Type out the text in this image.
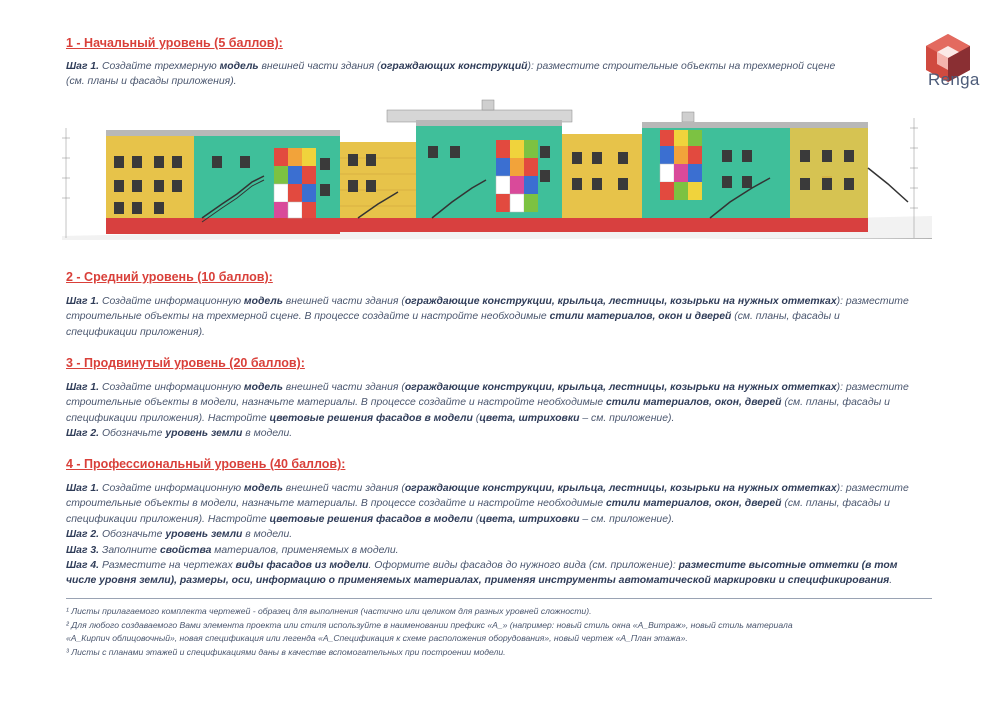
Renga
1 - Начальный уровень (5 баллов):
Шаг 1. Создайте трехмерную модель внешней части здания (ограждающих конструкций): разместите строительные объекты на трехмерной сцене
(см. планы и фасады приложения).
2 - Средний уровень (10 баллов):
Шаг 1. Создайте информационную модель внешней части здания (ограждающие конструкции, крыльца, лестницы, козырьки на нужных отметках): разместите
строительные объекты на трехмерной сцене. В процессе создайте и настройте необходимые стили материалов, окон и дверей (см. планы, фасады и
спецификации приложения).
3 - Продвинутый уровень (20 баллов):
Шаг 1. Создайте информационную модель внешней части здания (ограждающие конструкции, крыльца, лестницы, козырьки на нужных отметках): разместите
строительные объекты в модели, назначьте материалы. В процессе создайте и настройте необходимые стили материалов, окон, дверей (см. планы, фасады и
спецификации приложения). Настройте цветовые решения фасадов в модели (цвета, штриховки – см. приложение).
Шаг 2. Обозначьте уровень земли в модели.
4 - Профессиональный уровень (40 баллов):
Шаг 1. Создайте информационную модель внешней части здания (ограждающие конструкции, крыльца, лестницы, козырьки на нужных отметках): разместите
строительные объекты в модели, назначьте материалы. В процессе создайте и настройте необходимые стили материалов, окон, дверей (см. планы, фасады и
спецификации приложения). Настройте цветовые решения фасадов в модели (цвета, штриховки – см. приложение).
Шаг 2. Обозначьте уровень земли в модели.
Шаг 3. Заполните свойства материалов, применяемых в модели.
Шаг 4. Разместите на чертежах виды фасадов из модели. Оформите виды фасадов до нужного вида (см. приложение): разместите высотные отметки (в том
числе уровня земли), размеры, оси, информацию о применяемых материалах, применяя инструменты автоматической маркировки и спецификирования.
¹ Листы прилагаемого комплекта чертежей - образец для выполнения (частично или целиком для разных уровней сложности).
² Для любого создаваемого Вами элемента проекта или стиля используйте в наименовании префикс «А_» (например: новый стиль окна «А_Витраж», новый стиль материала
«А_Кирпич облицовочный», новая спецификация или легенда «А_Спецификация к схеме расположения оборудования», новый чертеж «А_План этажа».
³ Листы с планами этажей и спецификациями даны в качестве вспомогательных при построении модели.
